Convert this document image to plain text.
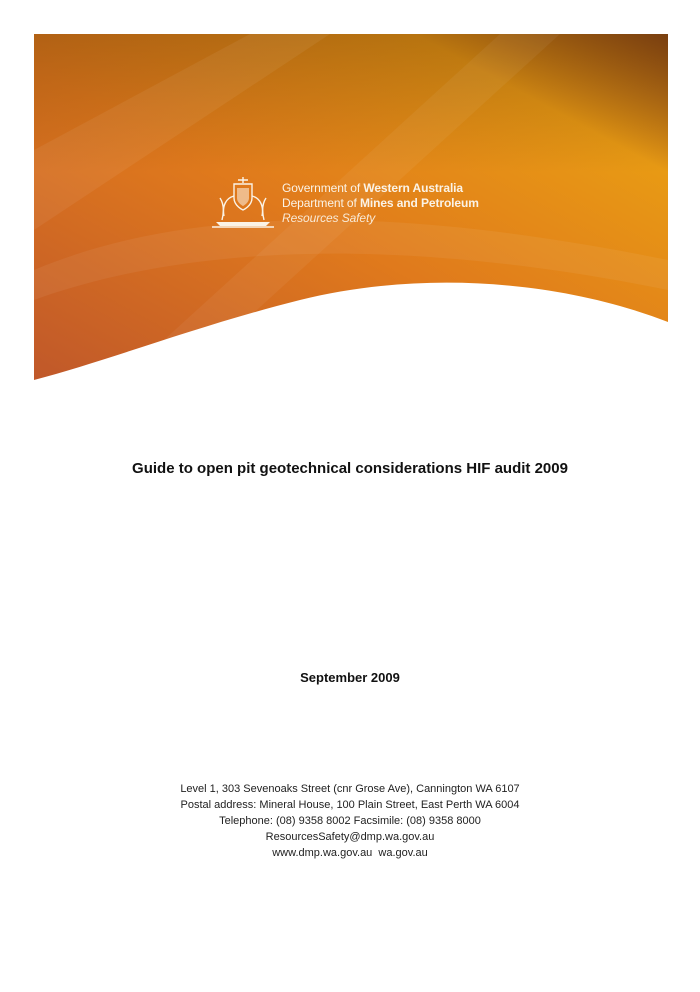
Government of Western Australia
Department of Mines and Petroleum
Resources Safety
Guide to open pit geotechnical considerations HIF audit 2009
September 2009
Level 1, 303 Sevenoaks Street (cnr Grose Ave), Cannington WA 6107
Postal address: Mineral House, 100 Plain Street, East Perth WA 6004
Telephone: (08) 9358 8002 Facsimile: (08) 9358 8000
ResourcesSafety@dmp.wa.gov.au
www.dmp.wa.gov.au  wa.gov.au
